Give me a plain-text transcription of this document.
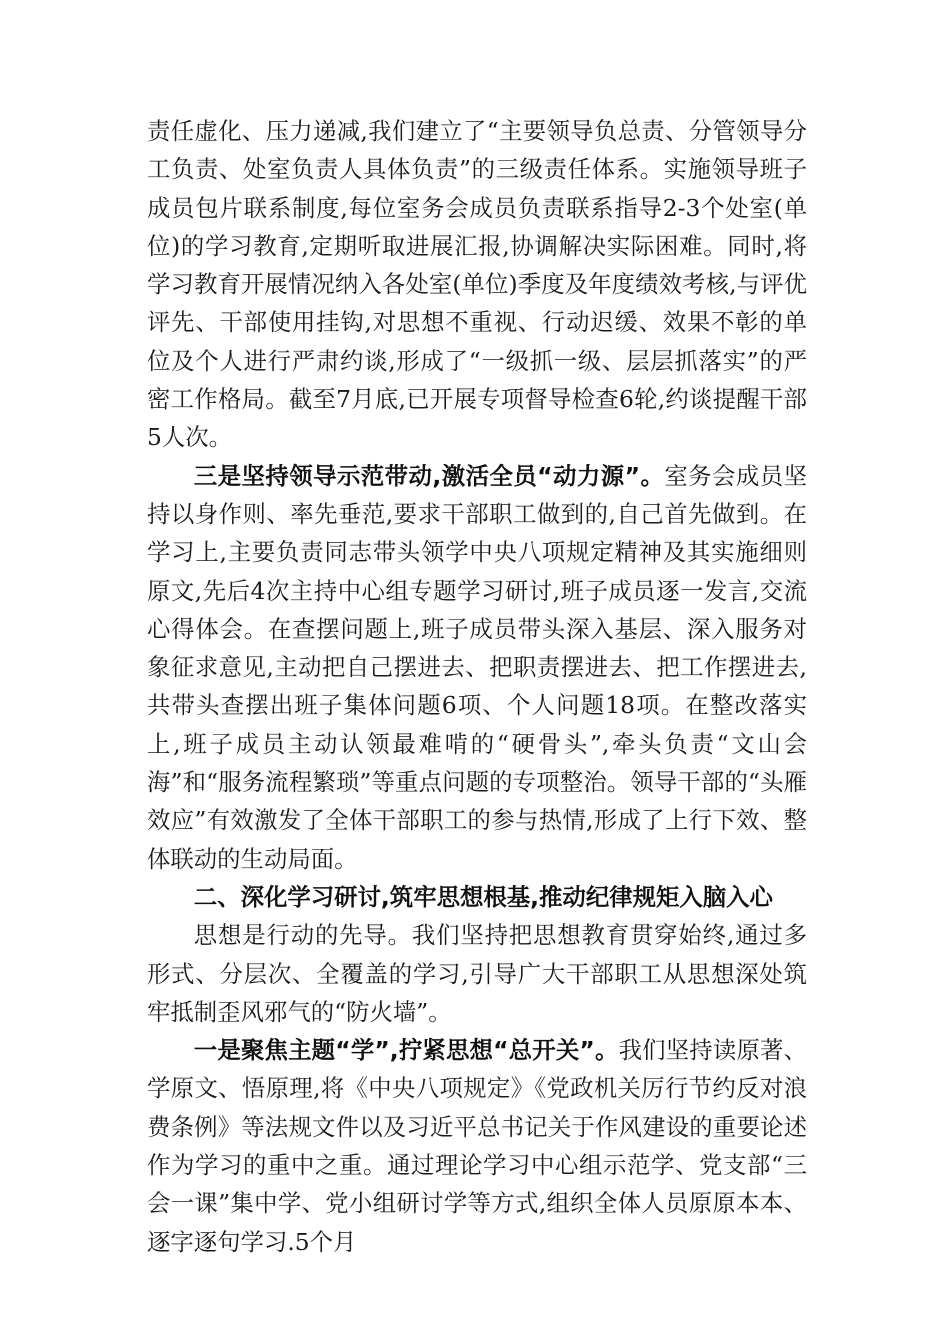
责任虚化、压力递减,我们建立了“主要领导负总责、分管领导分工负责、处室负责人具体负责”的三级责任体系。实施领导班子成员包片联系制度,每位室务会成员负责联系指导2-3个处室(单位)的学习教育,定期听取进展汇报,协调解决实际困难。同时,将学习教育开展情况纳入各处室(单位)季度及年度绩效考核,与评优评先、干部使用挂钩,对思想不重视、行动迟缓、效果不彰的单位及个人进行严肃约谈,形成了“一级抓一级、层层抓落实”的严密工作格局。截至7月底,已开展专项督导检查6轮,约谈提醒干部5人次。

三是坚持领导示范带动,激活全员“动力源”。室务会成员坚持以身作则、率先垂范,要求干部职工做到的,自己首先做到。在学习上,主要负责同志带头领学中央八项规定精神及其实施细则原文,先后4次主持中心组专题学习研讨,班子成员逐一发言,交流心得体会。在查摆问题上,班子成员带头深入基层、深入服务对象征求意见,主动把自己摆进去、把职责摆进去、把工作摆进去,共带头查摆出班子集体问题6项、个人问题18项。在整改落实上,班子成员主动认领最难啃的“硬骨头”,牵头负责“文山会海”和“服务流程繁琐”等重点问题的专项整治。领导干部的“头雁效应”有效激发了全体干部职工的参与热情,形成了上行下效、整体联动的生动局面。

二、深化学习研讨,筑牢思想根基,推动纪律规矩入脑入心

思想是行动的先导。我们坚持把思想教育贯穿始终,通过多形式、分层次、全覆盖的学习,引导广大干部职工从思想深处筑牢抵制歪风邪气的“防火墙”。

一是聚焦主题“学”,拧紧思想“总开关”。我们坚持读原著、学原文、悟原理,将《中央八项规定》《党政机关厉行节约反对浪费条例》等法规文件以及习近平总书记关于作风建设的重要论述作为学习的重中之重。通过理论学习中心组示范学、党支部“三会一课”集中学、党小组研讨学等方式,组织全体人员原原本本、逐字逐句学习.5个月
